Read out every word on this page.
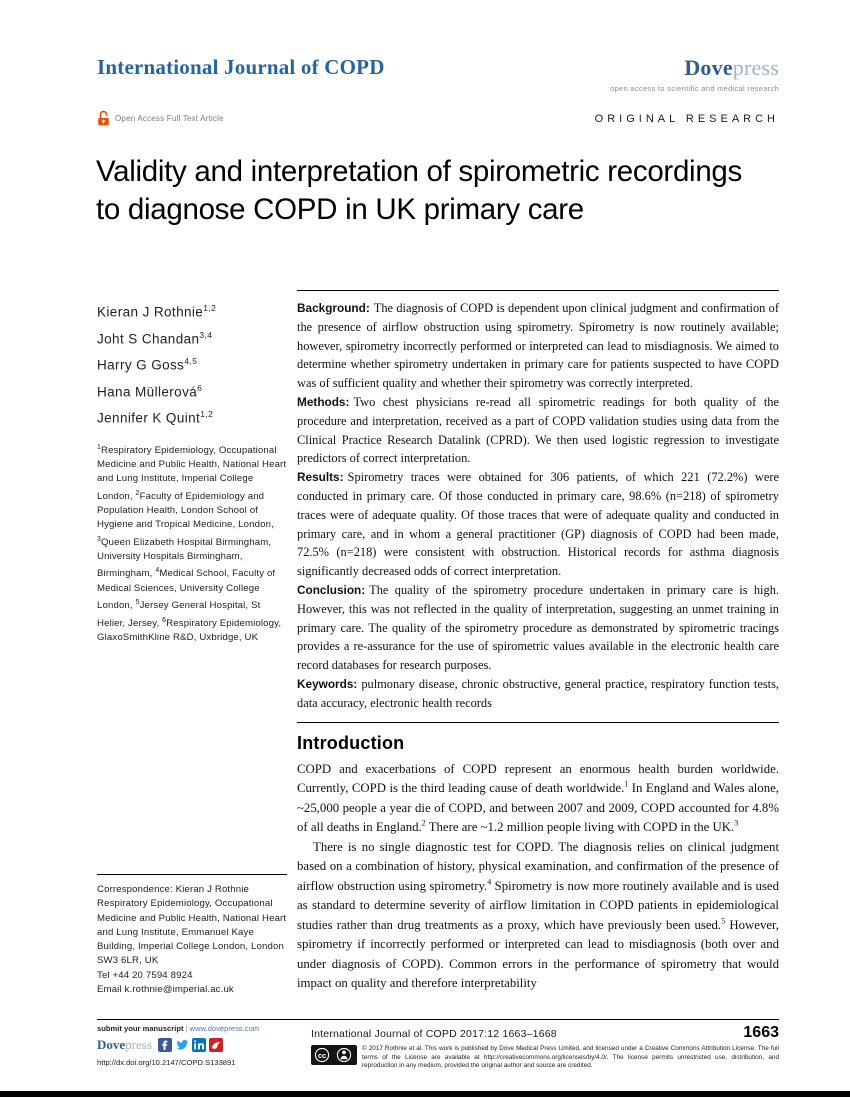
International Journal of COPD	Dovepress
open access to scientific and medical research
Open Access Full Text Article	ORIGINAL RESEARCH
Validity and interpretation of spirometric recordings to diagnose COPD in UK primary care
Kieran J Rothnie$^{1,2}$
Joht S Chandan$^{3,4}$
Harry G Goss$^{4,5}$
Hana Müllerová$^6$
Jennifer K Quint$^{1,2}$
$^1$Respiratory Epidemiology, Occupational Medicine and Public Health, National Heart and Lung Institute, Imperial College London, $^2$Faculty of Epidemiology and Population Health, London School of Hygiene and Tropical Medicine, London, $^3$Queen Elizabeth Hospital Birmingham, University Hospitals Birmingham, Birmingham, $^4$Medical School, Faculty of Medical Sciences, University College London, $^5$Jersey General Hospital, St Helier, Jersey, $^6$Respiratory Epidemiology, GlaxoSmithKline R&D, Uxbridge, UK
Correspondence: Kieran J Rothnie
Respiratory Epidemiology, Occupational Medicine and Public Health, National Heart and Lung Institute, Emmanuel Kaye Building, Imperial College London, London SW3 6LR, UK
Tel +44 20 7594 8924
Email k.rothnie@imperial.ac.uk

Background: The diagnosis of COPD is dependent upon clinical judgment and confirmation of the presence of airflow obstruction using spirometry. Spirometry is now routinely available; however, spirometry incorrectly performed or interpreted can lead to misdiagnosis. We aimed to determine whether spirometry undertaken in primary care for patients suspected to have COPD was of sufficient quality and whether their spirometry was correctly interpreted.

Methods: Two chest physicians re-read all spirometric readings for both quality of the procedure and interpretation, received as a part of COPD validation studies using data from the Clinical Practice Research Datalink (CPRD). We then used logistic regression to investigate predictors of correct interpretation.

Results: Spirometry traces were obtained for 306 patients, of which 221 (72.2%) were conducted in primary care. Of those conducted in primary care, 98.6% (n=218) of spirometry traces were of adequate quality. Of those traces that were of adequate quality and conducted in primary care, and in whom a general practitioner (GP) diagnosis of COPD had been made, 72.5% (n=218) were consistent with obstruction. Historical records for asthma diagnosis significantly decreased odds of correct interpretation.

Conclusion: The quality of the spirometry procedure undertaken in primary care is high. However, this was not reflected in the quality of interpretation, suggesting an unmet training in primary care. The quality of the spirometry procedure as demonstrated by spirometric tracings provides a re-assurance for the use of spirometric values available in the electronic health care record databases for research purposes.

Keywords: pulmonary disease, chronic obstructive, general practice, respiratory function tests, data accuracy, electronic health records

Introduction

COPD and exacerbations of COPD represent an enormous health burden worldwide. Currently, COPD is the third leading cause of death worldwide.$^1$ In England and Wales alone, ~25,000 people a year die of COPD, and between 2007 and 2009, COPD accounted for 4.8% of all deaths in England.$^2$ There are ~1.2 million people living with COPD in the UK.$^3$

There is no single diagnostic test for COPD. The diagnosis relies on clinical judgment based on a combination of history, physical examination, and confirmation of the presence of airflow obstruction using spirometry.$^4$ Spirometry is now more routinely available and is used as standard to determine severity of airflow limitation in COPD patients in epidemiological studies rather than drug treatments as a proxy, which have previously been used.$^5$ However, spirometry if incorrectly performed or interpreted can lead to misdiagnosis (both over and under diagnosis of COPD). Common errors in the performance of spirometry that would impact on quality and therefore interpretability

submit your manuscript | www.dovepress.com
Dovepress
http://dx.doi.org/10.2147/COPD.S133891
International Journal of COPD 2017:12 1663–1668	1663
cc
© 2017 Rothnie et al. This work is published by Dove Medical Press Limited, and licensed under a Creative Commons Attribution License. The full terms of the License are available at http://creativecommons.org/licenses/by/4.0/. The license permits unrestricted use, distribution, and reproduction in any medium, provided the original author and source are credited.
